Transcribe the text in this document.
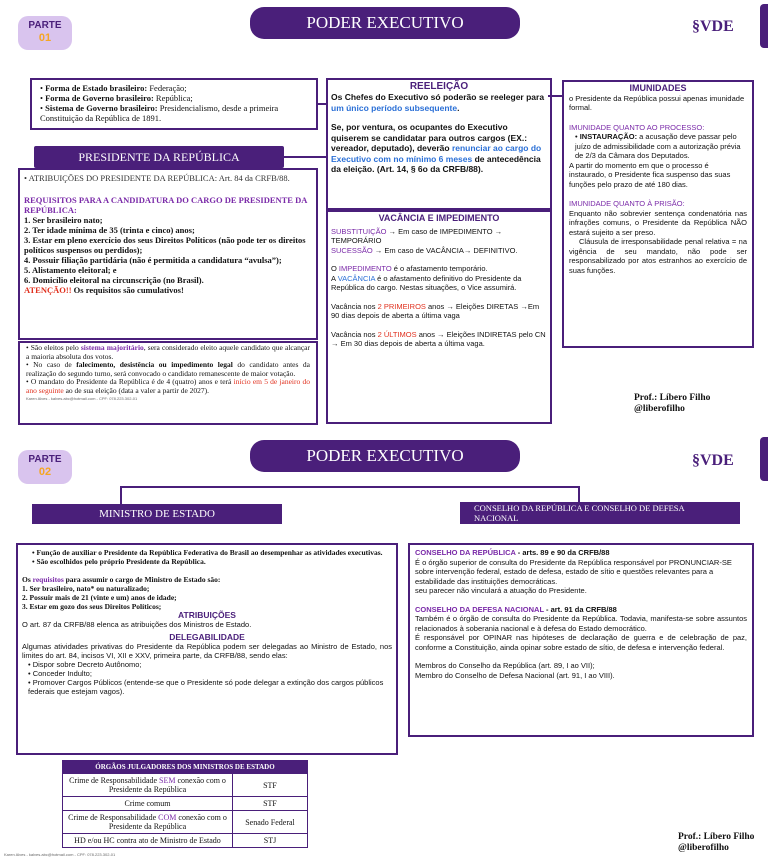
PARTE
01
PODER EXECUTIVO	§VDE
• Forma de Estado brasileiro: Federação;
• Forma de Governo brasileiro: República;
• Sistema de Governo brasileiro: Presidencialismo, desde a primeira Constituição da República de 1891.
PRESIDENTE DA REPÚBLICA
• ATRIBUIÇÕES DO PRESIDENTE DA REPÚBLICA: Art. 84 da CRFB/88.
REQUISITOS PARA A CANDIDATURA DO CARGO DE PRESIDENTE DA REPÚBLICA:
1. Ser brasileiro nato;
2. Ter idade mínima de 35 (trinta e cinco) anos;
3. Estar em pleno exercício dos seus Direitos Políticos (não pode ter os direitos políticos suspensos ou perdidos);
4. Possuir filiação partidária (não é permitida a candidatura “avulsa”);
5. Alistamento eleitoral; e
6. Domicílio eleitoral na circunscrição (no Brasil).
ATENÇÃO!! Os requisitos são cumulativos!
• São eleitos pelo sistema majoritário, sera considerado eleito aquele candidato que alcançar a maioria absoluta dos votos.
• No caso de falecimento, desistência ou impedimento legal do candidato antes da realização do segundo turno, será convocado o candidato remanescente de maior votação.
• O mandato do Presidente da República é de 4 (quatro) anos e terá início em 5 de janeiro do ano seguinte ao de sua eleição (data a valer a partir de 2027).
Karen Alves - kalves.abc@hotmail.com - CPF: 078.223.302-01
REELEIÇÃO
Os Chefes do Executivo só poderão se reeleger para um único período subsequente.
Se, por ventura, os ocupantes do Executivo quiserem se candidatar para outros cargos (EX.: vereador, deputado), deverão renunciar ao cargo do Executivo com no mínimo 6 meses de antecedência da eleição. (Art. 14, § 6o da CRFB/88).
VACÂNCIA E IMPEDIMENTO
SUBSTITUIÇÃO → Em caso de IMPEDIMENTO → TEMPORÁRIO
SUCESSÃO → Em caso de VACÂNCIA→ DEFINITIVO.
O IMPEDIMENTO é o afastamento temporário.
A VACÂNCIA é o afastamento definitivo do Presidente da República do cargo. Nestas situações, o Vice assumirá.
Vacância nos 2 PRIMEIROS anos → Eleições DIRETAS →Em 90 dias depois de aberta a última vaga
Vacância nos 2 ÚLTIMOS anos → Eleições INDIRETAS pelo CN → Em 30 dias depois de aberta a última vaga.
IMUNIDADES
o Presidente da República possui apenas imunidade formal.
IMUNIDADE QUANTO AO PROCESSO:
• INSTAURAÇÃO: a acusação deve passar pelo juízo de admissibilidade com a autorização prévia de 2/3 da Câmara dos Deputados.
A partir do momento em que o processo é instaurado, o Presidente fica suspenso das suas funções pelo prazo de até 180 dias.
IMUNIDADE QUANTO À PRISÃO:
Enquanto não sobrevier sentença condenatória nas infrações comuns, o Presidente da República NÃO estará sujeito a ser preso.
Cláusula de irresponsabilidade penal relativa = na vigência de seu mandato, não pode ser responsabilizado por atos estranhos ao exercício de suas funções.
Prof.: Líbero Filho
@liberofilho
PARTE
02
PODER EXECUTIVO	§VDE
MINISTRO DE ESTADO	CONSELHO DA REPÚBLICA E CONSELHO DE DEFESA NACIONAL
• Função de auxiliar o Presidente da República Federativa do Brasil ao desempenhar as atividades executivas.
• São escolhidos pelo próprio Presidente da República.
Os requisitos para assumir o cargo de Ministro de Estado são:
1. Ser brasileiro, nato* ou naturalizado;
2. Possuir mais de 21 (vinte e um) anos de idade;
3. Estar em gozo dos seus Direitos Políticos;
ATRIBUIÇÕES
O art. 87 da CRFB/88 elenca as atribuições dos Ministros de Estado.
DELEGABILIDADE
Algumas atividades privativas do Presidente da República podem ser delegadas ao Ministro de Estado, nos limites do art. 84, incisos VI, XII e XXV, primeira parte, da CRFB/88, sendo elas:
• Dispor sobre Decreto Autônomo;
• Conceder Indulto;
• Promover Cargos Públicos (entende-se que o Presidente só pode delegar a extinção dos cargos públicos federais que estejam vagos).
CONSELHO DA REPÚBLICA - arts. 89 e 90 da CRFB/88
É o órgão superior de consulta do Presidente da República responsável por PRONUNCIAR-SE sobre intervenção federal, estado de defesa, estado de sítio e questões relevantes para a estabilidade das instituições democráticas.
seu parecer não vinculará a atuação do Presidente.
CONSELHO DA DEFESA NACIONAL - art. 91 da CRFB/88
Também é o órgão de consulta do Presidente da República. Todavia, manifesta-se sobre assuntos relacionados à soberania nacional e à defesa do Estado democrático.
É responsável por OPINAR nas hipóteses de declaração de guerra e de celebração de paz, conforme a Constituição, ainda opinar sobre estado de sítio, de defesa e intervenção federal.
Membros do Conselho da República (art. 89, I ao VII);
Membro do Conselho de Defesa Nacional (art. 91, I ao VIII).
ÓRGÃOS JULGADORES DOS MINISTROS DE ESTADO	
Crime de Responsabilidade SEM conexão com o Presidente da República	STF
Crime comum	STF
Crime de Responsabilidade COM conexão com o Presidente da República	Senado Federal
HD e/ou HC contra ato de Ministro de Estado	STJ
Karen Alves - kalves.abc@hotmail.com - CPF: 078.223.302-01
Prof.: Líbero Filho
@liberofilho
